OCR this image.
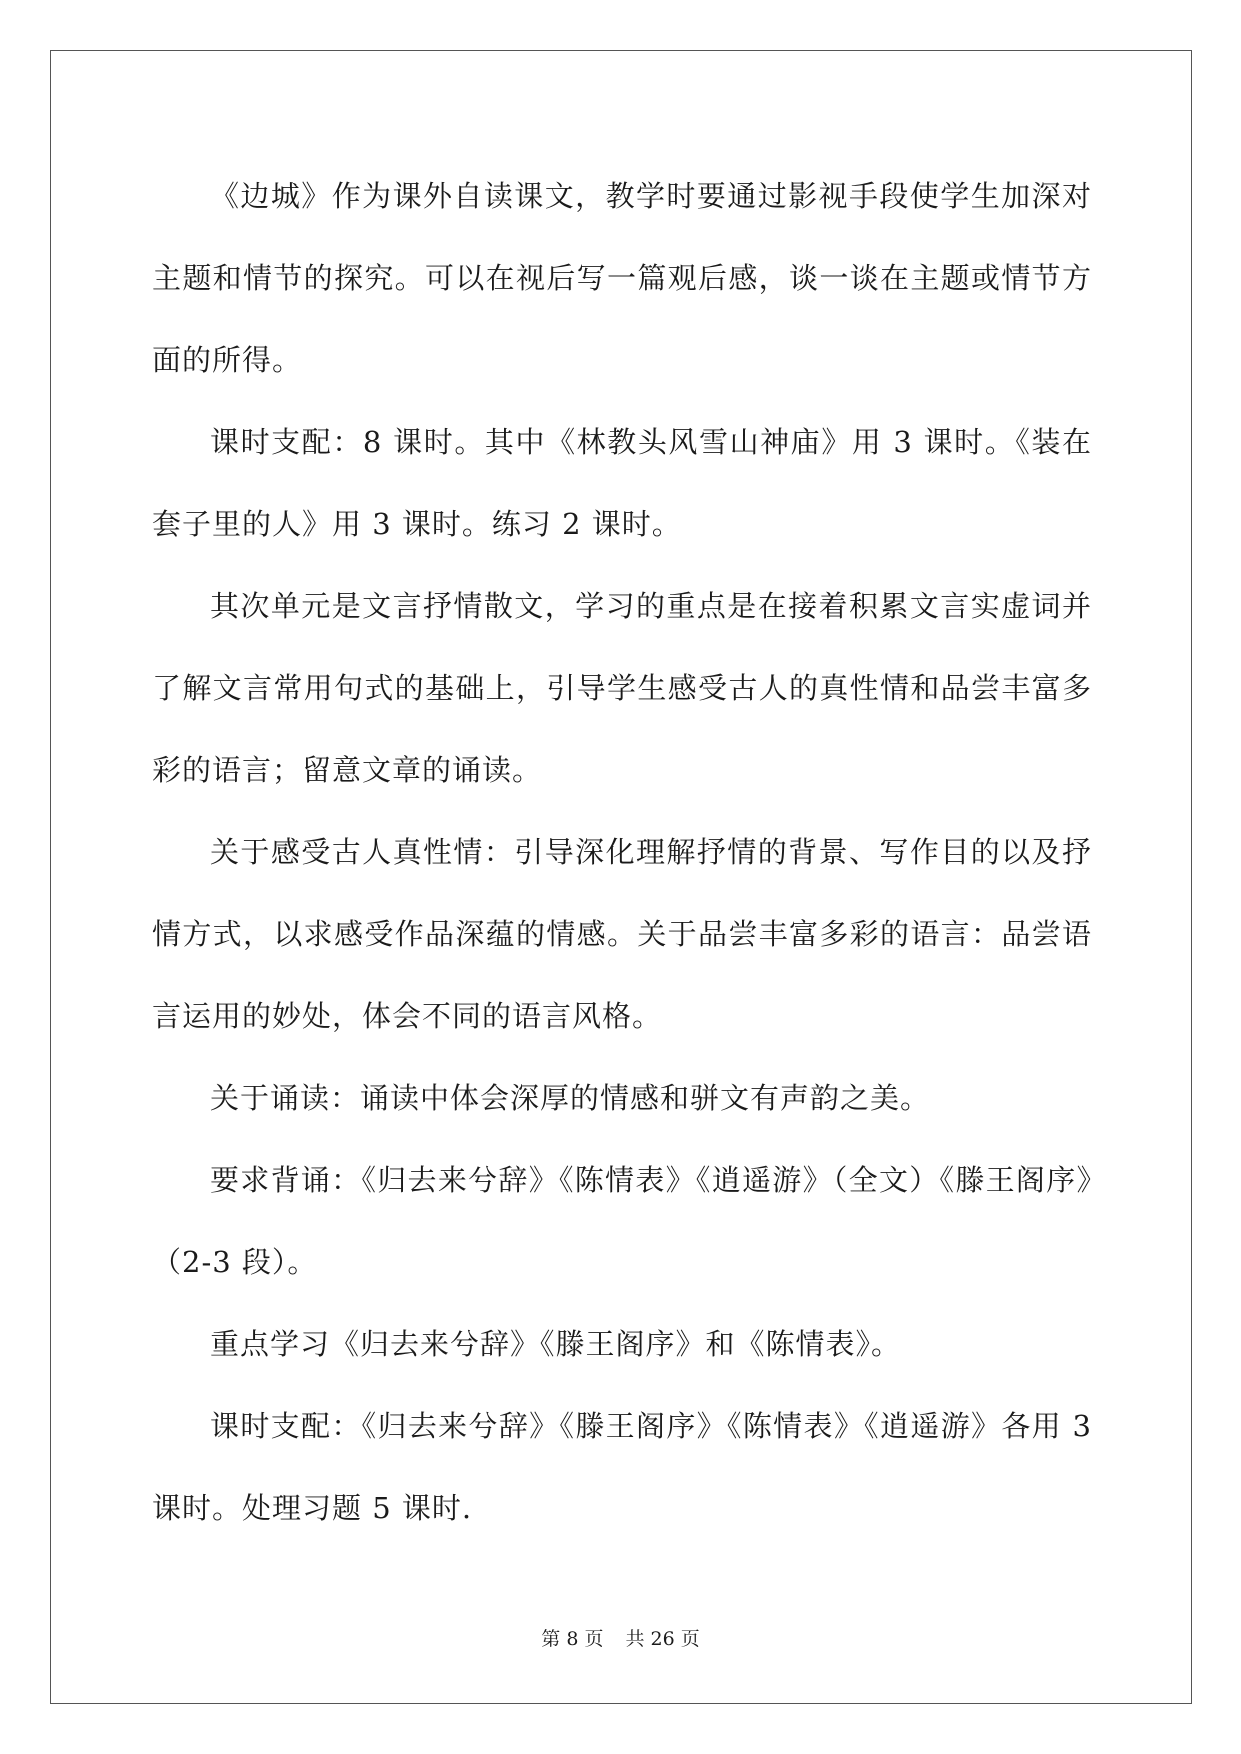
《边城》作为课外自读课文，教学时要通过影视手段使学生加深对主题和情节的探究。可以在视后写一篇观后感，谈一谈在主题或情节方面的所得。

课时支配：8 课时。其中《林教头风雪山神庙》用 3 课时。《装在套子里的人》用 3 课时。练习 2 课时。

其次单元是文言抒情散文，学习的重点是在接着积累文言实虚词并了解文言常用句式的基础上，引导学生感受古人的真性情和品尝丰富多彩的语言；留意文章的诵读。

关于感受古人真性情：引导深化理解抒情的背景、写作目的以及抒情方式，以求感受作品深蕴的情感。关于品尝丰富多彩的语言：品尝语言运用的妙处，体会不同的语言风格。

关于诵读：诵读中体会深厚的情感和骈文有声韵之美。

要求背诵：《归去来兮辞》《陈情表》《逍遥游》（全文）《滕王阁序》（2-3 段）。

重点学习《归去来兮辞》《滕王阁序》和《陈情表》。

课时支配：《归去来兮辞》《滕王阁序》《陈情表》《逍遥游》各用 3 课时。处理习题 5 课时.

第 8 页 共 26 页
